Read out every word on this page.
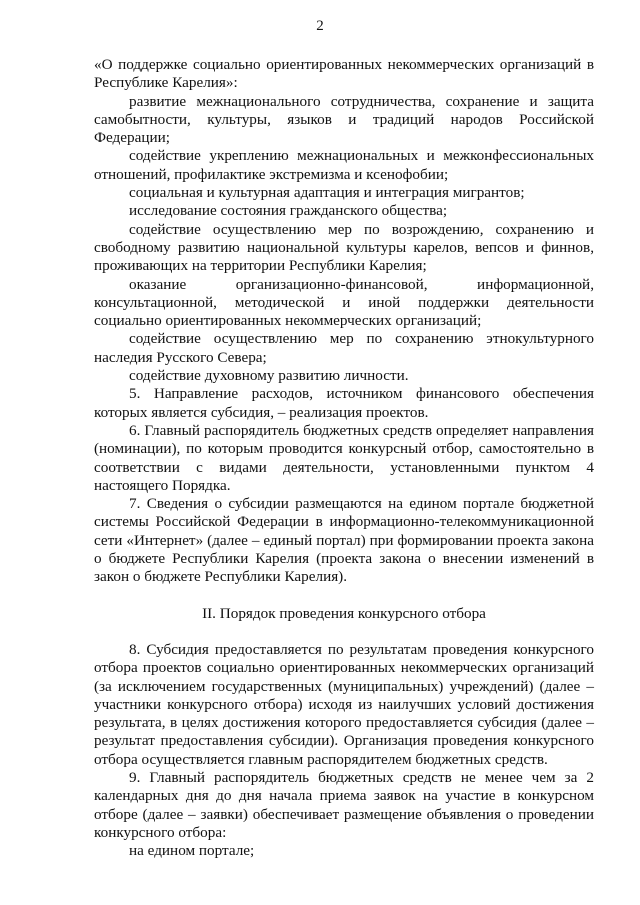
2

«О поддержке социально ориентированных некоммерческих организаций в Республике Карелия»:

развитие межнационального сотрудничества, сохранение и защита самобытности, культуры, языков и традиций народов Российской Федерации;

содействие укреплению межнациональных и межконфессиональных отношений, профилактике экстремизма и ксенофобии;

социальная и культурная адаптация и интеграция мигрантов;

исследование состояния гражданского общества;

содействие осуществлению мер по возрождению, сохранению и свободному развитию национальной культуры карелов, вепсов и финнов, проживающих на территории Республики Карелия;

оказание организационно-финансовой, информационной, консультационной, методической и иной поддержки деятельности социально ориентированных некоммерческих организаций;

содействие осуществлению мер по сохранению этнокультурного наследия Русского Севера;

содействие духовному развитию личности.

5. Направление расходов, источником финансового обеспечения которых является субсидия, – реализация проектов.

6. Главный распорядитель бюджетных средств определяет направления (номинации), по которым проводится конкурсный отбор, самостоятельно в соответствии с видами деятельности, установленными пунктом 4 настоящего Порядка.

7. Сведения о субсидии размещаются на едином портале бюджетной системы Российской Федерации в информационно-телекоммуникационной сети «Интернет» (далее – единый портал) при формировании проекта закона о бюджете Республики Карелия (проекта закона о внесении изменений в закон о бюджете Республики Карелия).

II. Порядок проведения конкурсного отбора

8. Субсидия предоставляется по результатам проведения конкурсного отбора проектов социально ориентированных некоммерческих организаций (за исключением государственных (муниципальных) учреждений) (далее – участники конкурсного отбора) исходя из наилучших условий достижения результата, в целях достижения которого предоставляется субсидия (далее – результат предоставления субсидии). Организация проведения конкурсного отбора осуществляется главным распорядителем бюджетных средств.

9. Главный распорядитель бюджетных средств не менее чем за 2 календарных дня до дня начала приема заявок на участие в конкурсном отборе (далее – заявки) обеспечивает размещение объявления о проведении конкурсного отбора:

на едином портале;
